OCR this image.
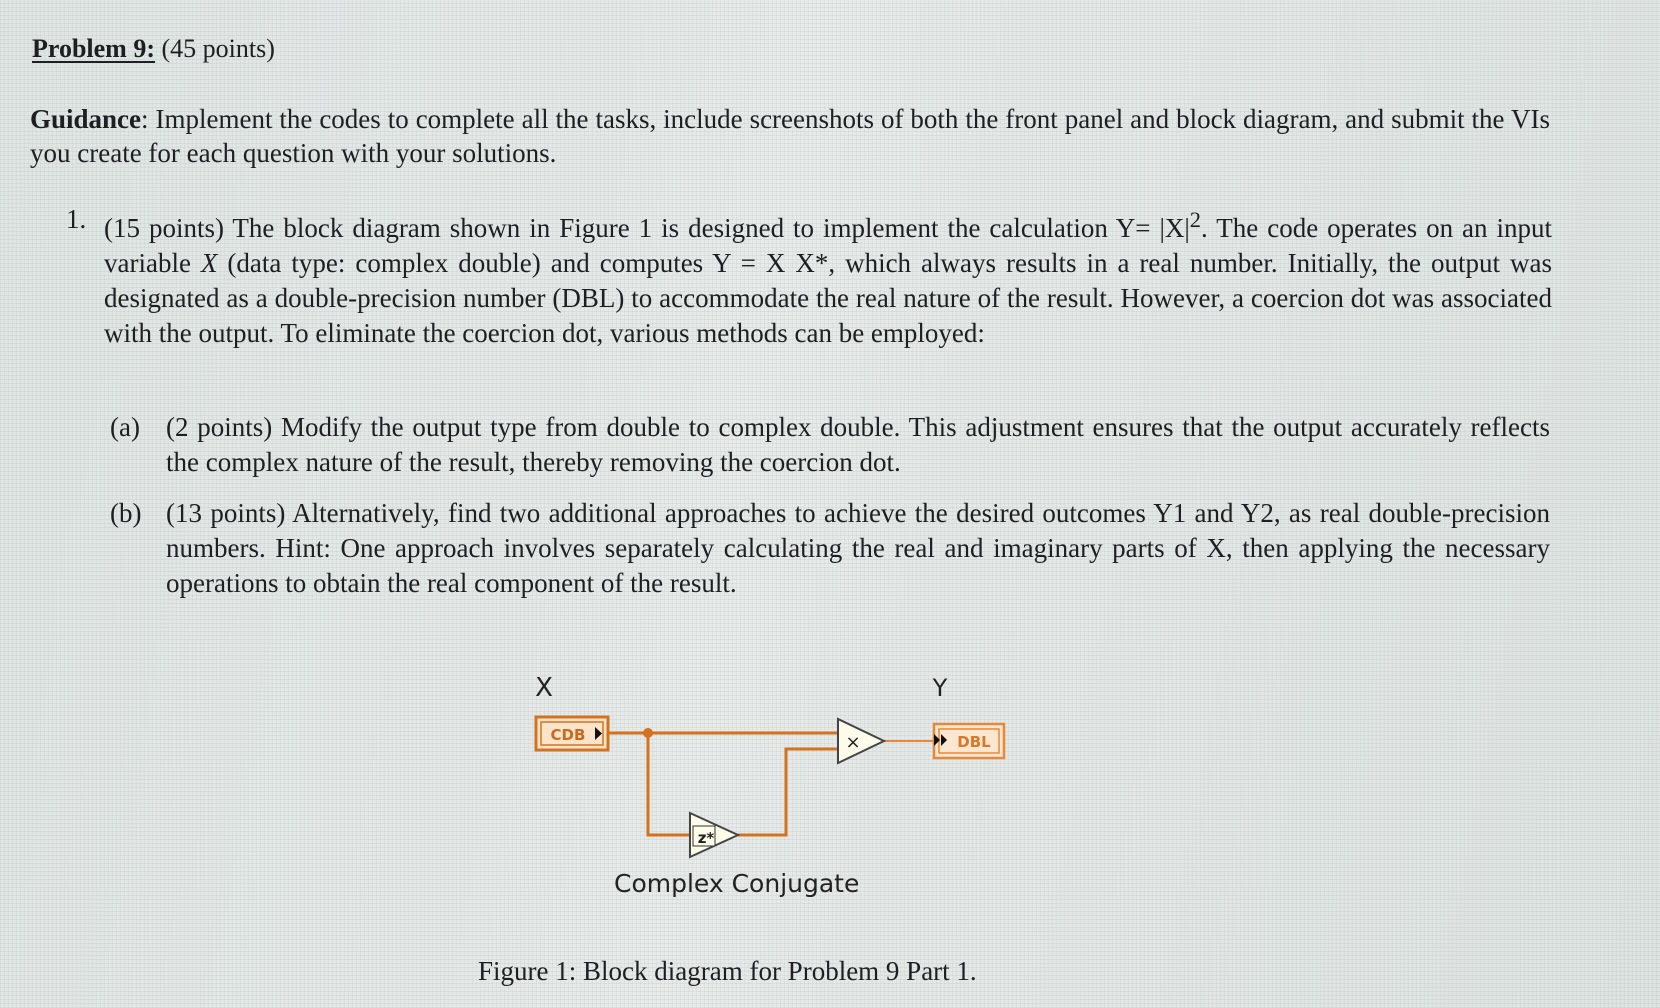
Problem 9: (45 points)
Guidance: Implement the codes to complete all the tasks, include screenshots of both the front panel and block diagram, and submit the VIs you create for each question with your solutions.
1. (15 points) The block diagram shown in Figure 1 is designed to implement the calculation $Y= |X|^2$. The code operates on an input variable X (data type: complex double) and computes Y = X X*, which always results in a real number. Initially, the output was designated as a double-precision number (DBL) to accommodate the real nature of the result. However, a coercion dot was associated with the output. To eliminate the coercion dot, various methods can be employed:
(a) (2 points) Modify the output type from double to complex double. This adjustment ensures that the output accurately reflects the complex nature of the result, thereby removing the coercion dot.
(b) (13 points) Alternatively, find two additional approaches to achieve the desired outcomes Y1 and Y2, as real double-precision numbers. Hint: One approach involves separately calculating the real and imaginary parts of X, then applying the necessary operations to obtain the real component of the result.
X
CDB	×
z*
Y
DBL
Complex Conjugate
Figure 1: Block diagram for Problem 9 Part 1.
